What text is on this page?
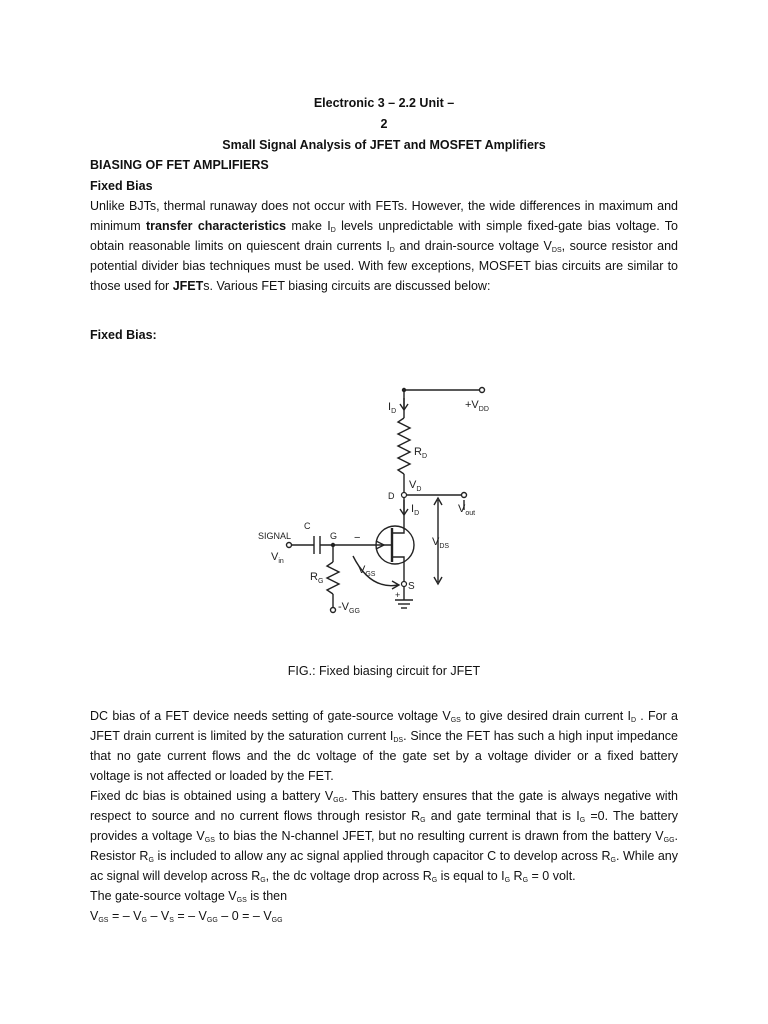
Electronic 3 – 2.2 Unit –
2
Small Signal Analysis of JFET and MOSFET Amplifiers
BIASING OF FET AMPLIFIERS
Fixed Bias
Unlike BJTs, thermal runaway does not occur with FETs. However, the wide differences in maximum and
minimum transfer characteristics make $I_D$ levels unpredictable with simple fixed-gate bias voltage. To
obtain reasonable limits on quiescent drain currents $I_D$ and drain-source voltage $V_{DS}$, source resistor and
potential divider bias techniques must be used. With few exceptions, MOSFET bias circuits are similar to
those used for JFETs. Various FET biasing circuits are discussed below:
Fixed Bias:
$+V_{DD}$
$I_D$
$R_D$
$V_D$
D
$I_D$	$V_{out}$
SIGNAL
C
G
$V_{in}$
$V_{DS}$
$V_{GS}$
$R_G$	S
$-V_{GG}$
−
+
FIG.: Fixed biasing circuit for JFET
DC bias of a FET device needs setting of gate-source voltage $V_{GS}$ to give desired drain current $I_D$ . For a
JFET drain current is limited by the saturation current $I_{DS}$. Since the FET has such a high input impedance
that no gate current flows and the dc voltage of the gate set by a voltage divider or a fixed battery
voltage is not affected or loaded by the FET.
Fixed dc bias is obtained using a battery $V_{GG}$. This battery ensures that the gate is always negative with
respect to source and no current flows through resistor $R_G$ and gate terminal that is $I_G =0$. The battery
provides a voltage $V_{GS}$ to bias the N-channel JFET, but no resulting current is drawn from the battery $V_{GG}$.
Resistor $R_G$ is included to allow any ac signal applied through capacitor C to develop across $R_G$. While any
ac signal will develop across $R_G$, the dc voltage drop across $R_G$ is equal to $I_G$ $R_G = 0$ volt.
The gate-source voltage $V_{GS}$ is then
$V_{GS}$ = – $V_G - V_S$ = – $V_{GG} - 0$ = – $V_{GG}$
